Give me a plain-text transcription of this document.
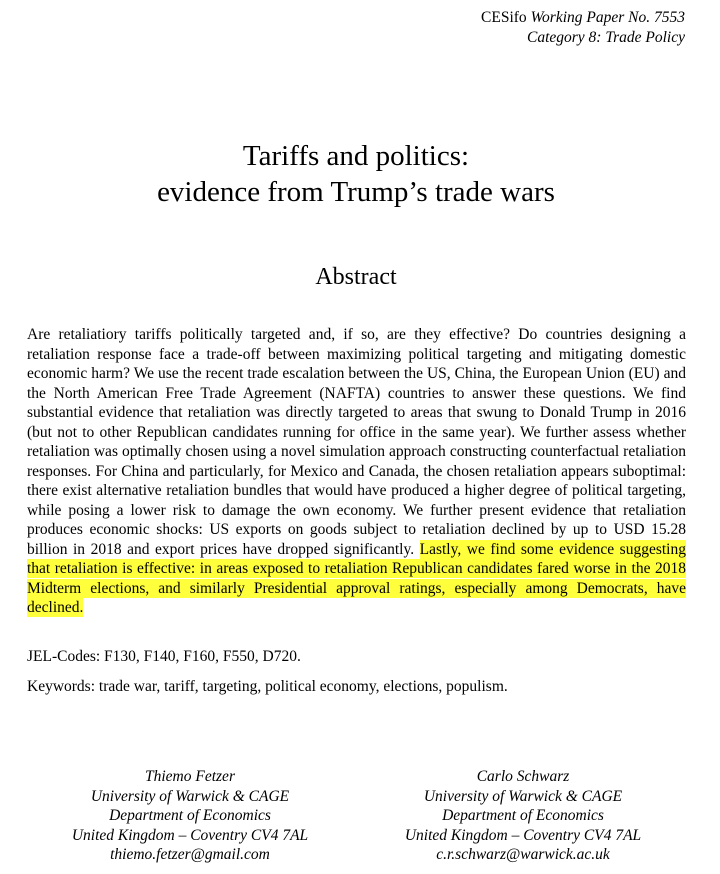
CESifo Working Paper No. 7553
Category 8: Trade Policy
Tariffs and politics:
evidence from Trump’s trade wars
Abstract

Are retaliatiory tariffs politically targeted and, if so, are they effective? Do countries designing a retaliation response face a trade-off between maximizing political targeting and mitigating domestic economic harm? We use the recent trade escalation between the US, China, the European Union (EU) and the North American Free Trade Agreement (NAFTA) countries to answer these questions. We find substantial evidence that retaliation was directly targeted to areas that swung to Donald Trump in 2016 (but not to other Republican candidates running for office in the same year). We further assess whether retaliation was optimally chosen using a novel simulation approach constructing counterfactual retaliation responses. For China and particularly, for Mexico and Canada, the chosen retaliation appears suboptimal: there exist alternative retaliation bundles that would have produced a higher degree of political targeting, while posing a lower risk to damage the own economy. We further present evidence that retaliation produces economic shocks: US exports on goods subject to retaliation declined by up to USD 15.28 billion in 2018 and export prices have dropped significantly. Lastly, we find some evidence suggesting that retaliation is effective: in areas exposed to retaliation Republican candidates fared worse in the 2018 Midterm elections, and similarly Presidential approval ratings, especially among Democrats, have declined.

JEL-Codes: F130, F140, F160, F550, D720.

Keywords: trade war, tariff, targeting, political economy, elections, populism.

Thiemo Fetzer
University of Warwick & CAGE
Department of Economics
United Kingdom – Coventry CV4 7AL
thiemo.fetzer@gmail.com
Carlo Schwarz
University of Warwick & CAGE
Department of Economics
United Kingdom – Coventry CV4 7AL
c.r.schwarz@warwick.ac.uk
